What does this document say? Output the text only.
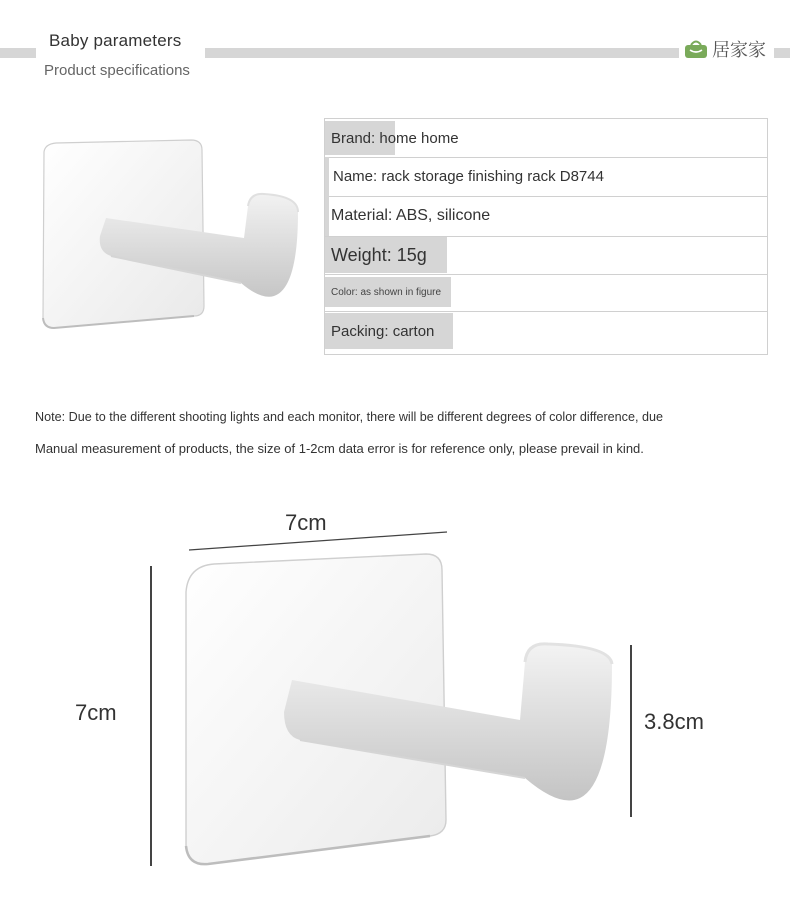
Baby parameters
Product specifications
居家家
Brand: home home
Name: rack storage finishing rack D8744
Material: ABS, silicone
Weight: 15g
Color: as shown in figure
Packing: carton
Note: Due to the different shooting lights and each monitor, there will be different degrees of color difference, due
Manual measurement of products, the size of 1-2cm data error is for reference only, please prevail in kind.
7cm
7cm	3.8cm
